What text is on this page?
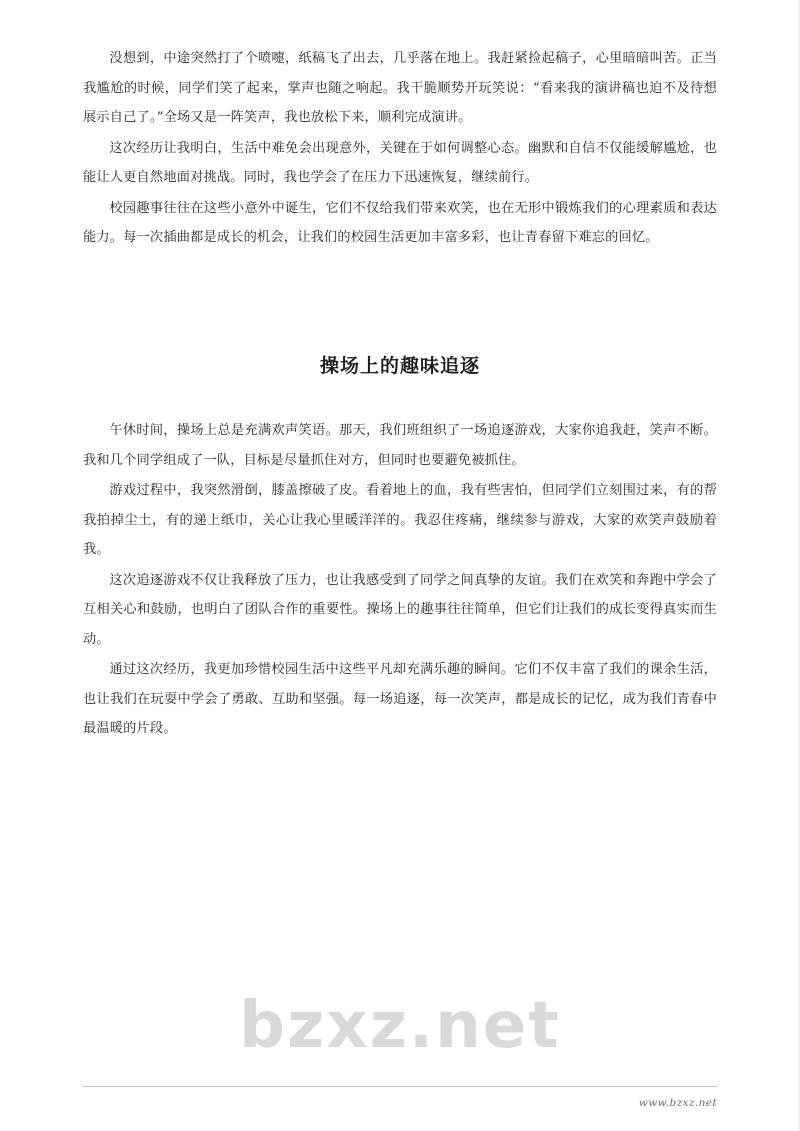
没想到，中途突然打了个喷嚏，纸稿飞了出去，几乎落在地上。我赶紧捡起稿子，心里暗暗叫苦。正当我尴尬的时候，同学们笑了起来，掌声也随之响起。我干脆顺势开玩笑说：“看来我的演讲稿也迫不及待想展示自己了。”全场又是一阵笑声，我也放松下来，顺利完成演讲。

这次经历让我明白，生活中难免会出现意外，关键在于如何调整心态。幽默和自信不仅能缓解尴尬，也能让人更自然地面对挑战。同时，我也学会了在压力下迅速恢复，继续前行。

校园趣事往往在这些小意外中诞生，它们不仅给我们带来欢笑，也在无形中锻炼我们的心理素质和表达能力。每一次插曲都是成长的机会，让我们的校园生活更加丰富多彩，也让青春留下难忘的回忆。

操场上的趣味追逐

午休时间，操场上总是充满欢声笑语。那天，我们班组织了一场追逐游戏，大家你追我赶，笑声不断。我和几个同学组成了一队，目标是尽量抓住对方，但同时也要避免被抓住。

游戏过程中，我突然滑倒，膝盖擦破了皮。看着地上的血，我有些害怕，但同学们立刻围过来，有的帮我拍掉尘土，有的递上纸巾，关心让我心里暖洋洋的。我忍住疼痛，继续参与游戏，大家的欢笑声鼓励着我。

这次追逐游戏不仅让我释放了压力，也让我感受到了同学之间真挚的友谊。我们在欢笑和奔跑中学会了互相关心和鼓励，也明白了团队合作的重要性。操场上的趣事往往简单，但它们让我们的成长变得真实而生动。

通过这次经历，我更加珍惜校园生活中这些平凡却充满乐趣的瞬间。它们不仅丰富了我们的课余生活，也让我们在玩耍中学会了勇敢、互助和坚强。每一场追逐，每一次笑声，都是成长的记忆，成为我们青春中最温暖的片段。

bzxz.net
www.bzxz.net
